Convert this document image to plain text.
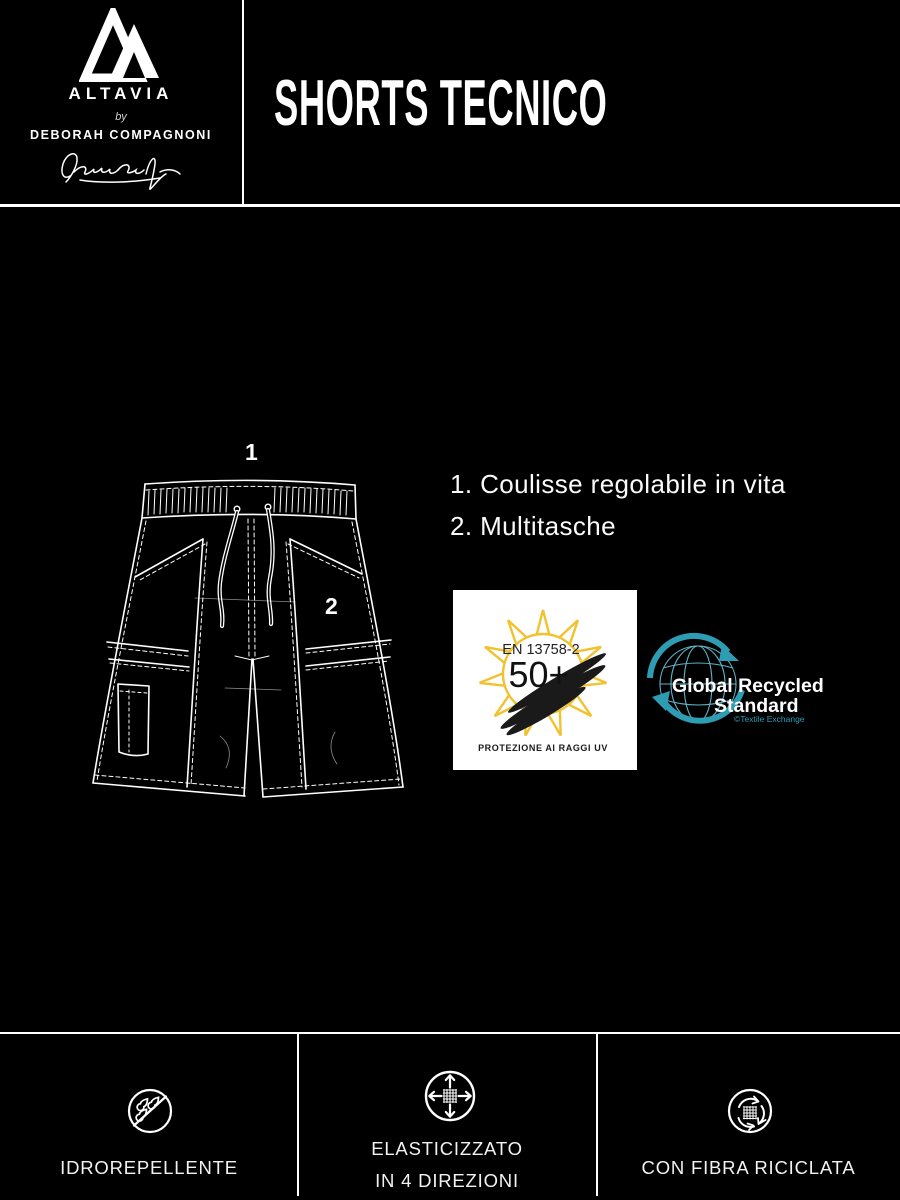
ALTAVIA
by
DEBORAH COMPAGNONI SHORTS TECNICO
1
2
1. Coulisse regolabile in vita
2. Multitasche
EN 13758-2
50+
PROTEZIONE AI RAGGI UV
Global Recycled
Standard
©Textile Exchange
IDROREPELLENTE
ELASTICIZZATO
IN 4 DIREZIONI
CON FIBRA RICICLATA
